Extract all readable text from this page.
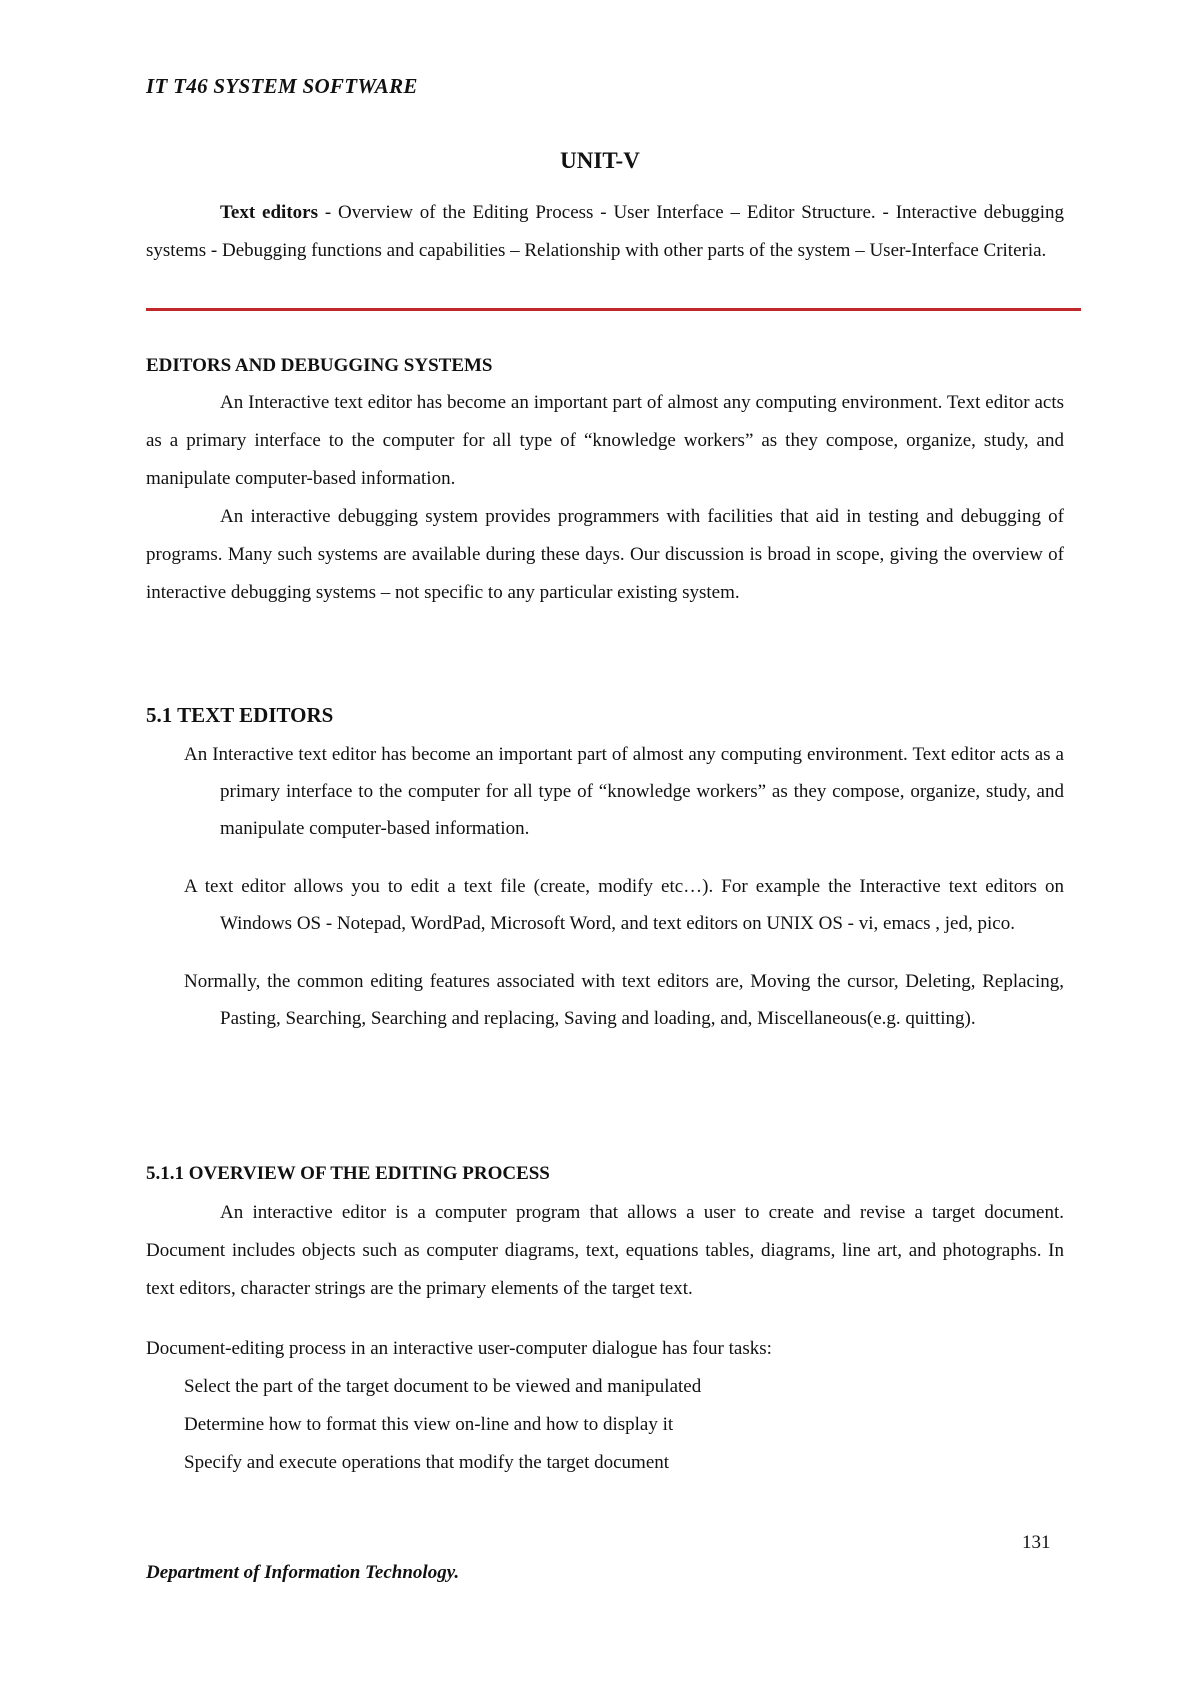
IT T46 SYSTEM SOFTWARE
UNIT-V

Text editors - Overview of the Editing Process - User Interface – Editor Structure. - Interactive debugging systems - Debugging functions and capabilities – Relationship with other parts of the system – User-Interface Criteria.

EDITORS AND DEBUGGING SYSTEMS

An Interactive text editor has become an important part of almost any computing environment. Text editor acts as a primary interface to the computer for all type of “knowledge workers” as they compose, organize, study, and manipulate computer-based information.

An interactive debugging system provides programmers with facilities that aid in testing and debugging of programs. Many such systems are available during these days. Our discussion is broad in scope, giving the overview of interactive debugging systems – not specific to any particular existing system.

5.1 TEXT EDITORS

An Interactive text editor has become an important part of almost any computing environment. Text editor acts as a primary interface to the computer for all type of “knowledge workers” as they compose, organize, study, and manipulate computer-based information.

A text editor allows you to edit a text file (create, modify etc…). For example the Interactive text editors on Windows OS - Notepad, WordPad, Microsoft Word, and text editors on UNIX OS - vi, emacs , jed, pico.

Normally, the common editing features associated with text editors are, Moving the cursor, Deleting, Replacing, Pasting, Searching, Searching and replacing, Saving and loading, and, Miscellaneous(e.g. quitting).

5.1.1 OVERVIEW OF THE EDITING PROCESS

An interactive editor is a computer program that allows a user to create and revise a target document. Document includes objects such as computer diagrams, text, equations tables, diagrams, line art, and photographs. In text editors, character strings are the primary elements of the target text.

Document-editing process in an interactive user-computer dialogue has four tasks:

Select the part of the target document to be viewed and manipulated

Determine how to format this view on-line and how to display it

Specify and execute operations that modify the target document

131
Department of Information Technology.
